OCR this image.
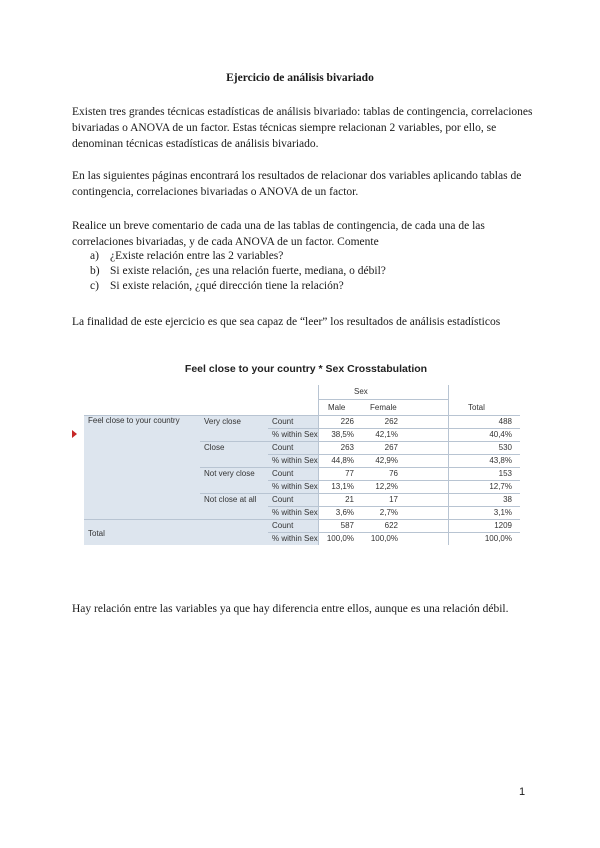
Ejercicio de análisis bivariado
Existen tres grandes técnicas estadísticas de análisis bivariado: tablas de contingencia, correlaciones bivariadas o ANOVA de un factor. Estas técnicas siempre relacionan 2 variables, por ello, se denominan técnicas estadísticas de análisis bivariado.
En las siguientes páginas encontrará los resultados de relacionar dos variables aplicando tablas de contingencia, correlaciones bivariadas o ANOVA de un factor.
Realice un breve comentario de cada una de las tablas de contingencia, de cada una de las correlaciones bivariadas, y de cada ANOVA de un factor. Comente
a) ¿Existe relación entre las 2 variables?
b) Si existe relación, ¿es una relación fuerte, mediana, o débil?
c) Si existe relación, ¿qué dirección tiene la relación?
La finalidad de este ejercicio es que sea capaz de “leer” los resultados de análisis estadísticos
Feel close to your country * Sex Crosstabulation
Sex
Male	Female	Total
Feel close to your country
Total
Very close	Count	226	262	488
% within Sex	38,5%	42,1%	40,4%
Close	Count	263	267	530
% within Sex	44,8%	42,9%	43,8%
Not very close Count	77	76	153
% within Sex	13,1%	12,2%	12,7%
Not close at all Count	21	17	38
% within Sex	3,6%	2,7%	3,1%
Count	587	622	1209
% within Sex	100,0%	100,0%	100,0%
Hay relación entre las variables ya que hay diferencia entre ellos, aunque es una relación débil.
1
